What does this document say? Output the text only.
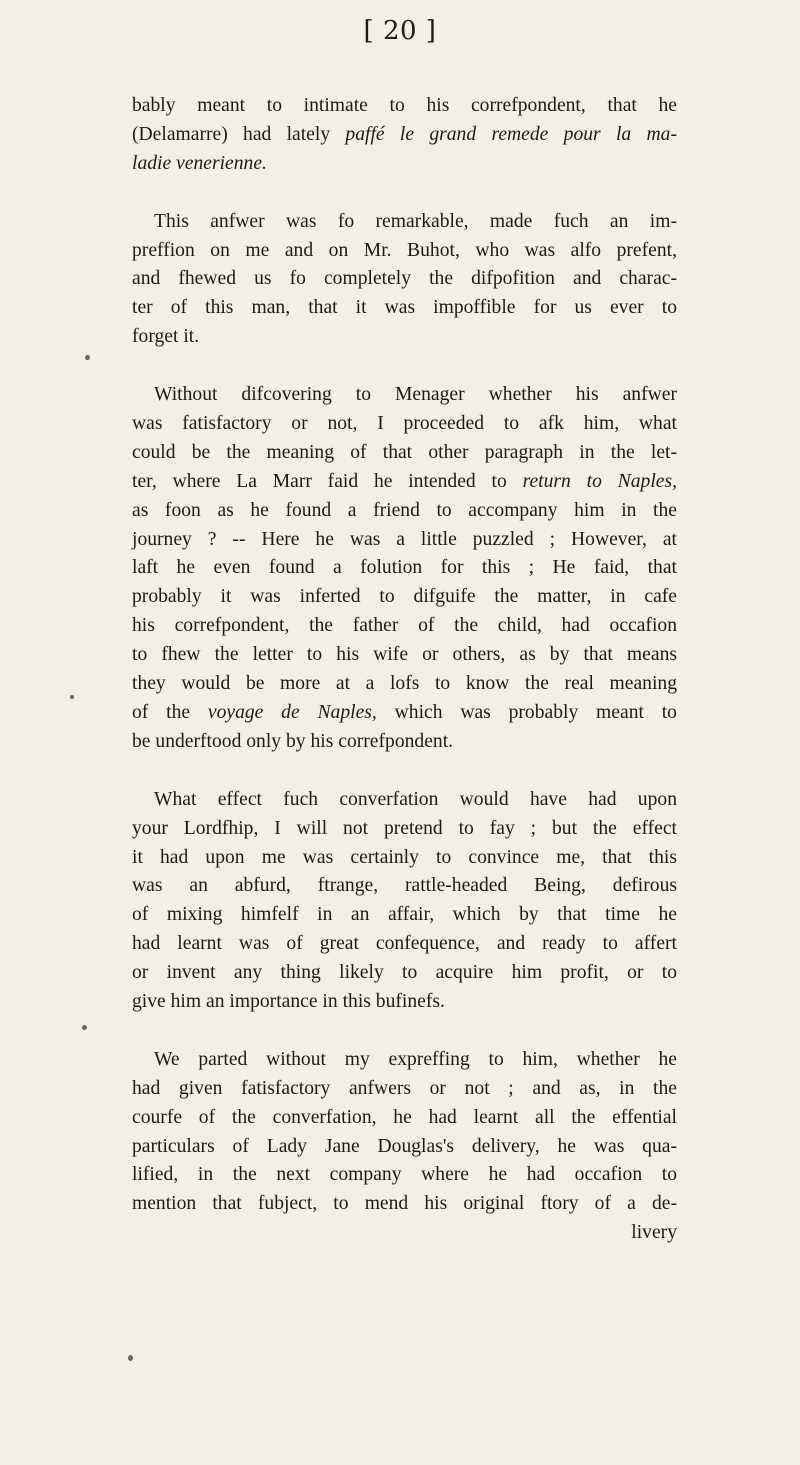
[ 20 ]
bably meant to intimate to his correfpondent, that he
(Delamarre) had lately paffé le grand remede pour la ma-
ladie venerienne.
This anfwer was fo remarkable, made fuch an im-
preffion on me and on Mr. Buhot, who was alfo prefent,
and fhewed us fo completely the difpofition and charac-
ter of this man, that it was impoffible for us ever to
forget it.
Without difcovering to Menager whether his anfwer
was fatisfactory or not, I proceeded to afk him, what
could be the meaning of that other paragraph in the let-
ter, where La Marr faid he intended to return to Naples,
as foon as he found a friend to accompany him in the
journey ? -- Here he was a little puzzled ; However, at
laft he even found a folution for this ; He faid, that
probably it was inferted to difguife the matter, in cafe
his correfpondent, the father of the child, had occafion
to fhew the letter to his wife or others, as by that means
they would be more at a lofs to know the real meaning
of the voyage de Naples, which was probably meant to
be underftood only by his correfpondent.
What effect fuch converfation would have had upon
your Lordfhip, I will not pretend to fay ; but the effect
it had upon me was certainly to convince me, that this
was an abfurd, ftrange, rattle-headed Being, defirous
of mixing himfelf in an affair, which by that time he
had learnt was of great confequence, and ready to affert
or invent any thing likely to acquire him profit, or to
give him an importance in this bufinefs.
We parted without my expreffing to him, whether he
had given fatisfactory anfwers or not ; and as, in the
courfe of the converfation, he had learnt all the effential
particulars of Lady Jane Douglas's delivery, he was qua-
lified, in the next company where he had occafion to
mention that fubject, to mend his original ftory of a de-
livery
